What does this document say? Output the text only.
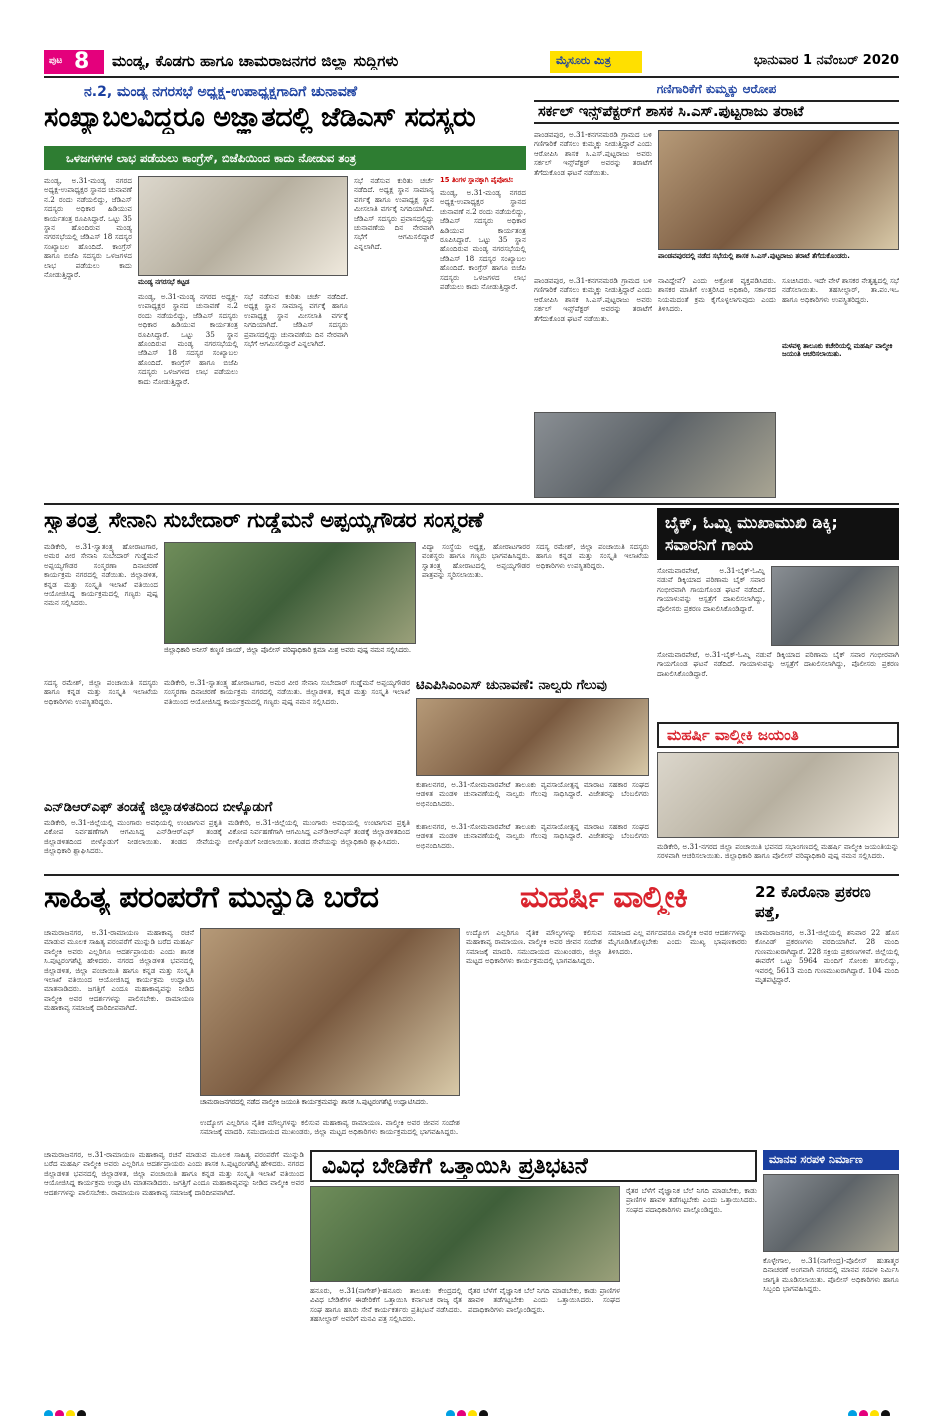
ಪುಟ 8 ಮಂಡ್ಯ, ಕೊಡಗು ಹಾಗೂ ಚಾಮರಾಜನಗರ ಜಿಲ್ಲಾ ಸುದ್ದಿಗಳು	ಮೈಸೂರು ಮಿತ್ರ	ಭಾನುವಾರ 1 ನವೆಂಬರ್ 2020
ನ.2, ಮಂಡ್ಯ ನಗರಸಭೆ ಅಧ್ಯಕ್ಷ-ಉಪಾಧ್ಯಕ್ಷಗಾದಿಗೆ ಚುನಾವಣೆ
ಸಂಖ್ಯಾಬಲವಿದ್ದರೂ ಅಜ್ಞಾತದಲ್ಲಿ ಜೆಡಿಎಸ್ ಸದಸ್ಯರು
ಒಳಜಗಳಗಳ ಲಾಭ ಪಡೆಯಲು ಕಾಂಗ್ರೆಸ್, ಬಿಜೆಪಿಯಿಂದ ಕಾದು ನೋಡುವ ತಂತ್ರ
ಮಂಡ್ಯ, ಅ.31-ಮಂಡ್ಯ ನಗರದ ಅಧ್ಯಕ್ಷ-ಉಪಾಧ್ಯಕ್ಷರ ಸ್ಥಾನದ ಚುನಾವಣೆ ನ.2 ರಂದು ನಡೆಯಲಿದ್ದು, ಜೆಡಿಎಸ್ ಸದಸ್ಯರು ಅಧಿಕಾರ ಹಿಡಿಯುವ ಕಾರ್ಯತಂತ್ರ ರೂಪಿಸಿದ್ದಾರೆ. ಒಟ್ಟು 35 ಸ್ಥಾನ ಹೊಂದಿರುವ ಮಂಡ್ಯ ನಗರಸಭೆಯಲ್ಲಿ ಜೆಡಿಎಸ್ 18 ಸದಸ್ಯರ ಸಂಖ್ಯಾಬಲ ಹೊಂದಿದೆ. ಕಾಂಗ್ರೆಸ್ ಹಾಗೂ ಬಿಜೆಪಿ ಸದಸ್ಯರು ಒಳಜಗಳದ ಲಾಭ ಪಡೆಯಲು ಕಾದು ನೋಡುತ್ತಿದ್ದಾರೆ.
ಮಂಡ್ಯ ನಗರಸಭೆ ಕಟ್ಟಡ
ಮಂಡ್ಯ, ಅ.31-ಮಂಡ್ಯ ನಗರದ ಅಧ್ಯಕ್ಷ-ಉಪಾಧ್ಯಕ್ಷರ ಸ್ಥಾನದ ಚುನಾವಣೆ ನ.2 ರಂದು ನಡೆಯಲಿದ್ದು, ಜೆಡಿಎಸ್ ಸದಸ್ಯರು ಅಧಿಕಾರ ಹಿಡಿಯುವ ಕಾರ್ಯತಂತ್ರ ರೂಪಿಸಿದ್ದಾರೆ. ಒಟ್ಟು 35 ಸ್ಥಾನ ಹೊಂದಿರುವ ಮಂಡ್ಯ ನಗರಸಭೆಯಲ್ಲಿ ಜೆಡಿಎಸ್ 18 ಸದಸ್ಯರ ಸಂಖ್ಯಾಬಲ ಹೊಂದಿದೆ. ಕಾಂಗ್ರೆಸ್ ಹಾಗೂ ಬಿಜೆಪಿ ಸದಸ್ಯರು ಒಳಜಗಳದ ಲಾಭ ಪಡೆಯಲು ಕಾದು ನೋಡುತ್ತಿದ್ದಾರೆ.
ಸಭೆ ನಡೆಸುವ ಕುರಿತು ಚರ್ಚೆ ನಡೆದಿದೆ. ಅಧ್ಯಕ್ಷ ಸ್ಥಾನ ಸಾಮಾನ್ಯ ವರ್ಗಕ್ಕೆ ಹಾಗೂ ಉಪಾಧ್ಯಕ್ಷ ಸ್ಥಾನ ಮೀಸಲಾತಿ ವರ್ಗಕ್ಕೆ ನಿಗದಿಯಾಗಿದೆ. ಜೆಡಿಎಸ್ ಸದಸ್ಯರು ಪ್ರವಾಸದಲ್ಲಿದ್ದು ಚುನಾವಣೆಯ ದಿನ ನೇರವಾಗಿ ಸಭೆಗೆ ಆಗಮಿಸಲಿದ್ದಾರೆ ಎನ್ನಲಾಗಿದೆ.
ಸಭೆ ನಡೆಸುವ ಕುರಿತು ಚರ್ಚೆ ನಡೆದಿದೆ. ಅಧ್ಯಕ್ಷ ಸ್ಥಾನ ಸಾಮಾನ್ಯ ವರ್ಗಕ್ಕೆ ಹಾಗೂ ಉಪಾಧ್ಯಕ್ಷ ಸ್ಥಾನ ಮೀಸಲಾತಿ ವರ್ಗಕ್ಕೆ ನಿಗದಿಯಾಗಿದೆ. ಜೆಡಿಎಸ್ ಸದಸ್ಯರು ಪ್ರವಾಸದಲ್ಲಿದ್ದು ಚುನಾವಣೆಯ ದಿನ ನೇರವಾಗಿ ಸಭೆಗೆ ಆಗಮಿಸಲಿದ್ದಾರೆ ಎನ್ನಲಾಗಿದೆ.
15 ತಿಂಗಳ ಸ್ಥಾನಕ್ಕಾಗಿ ಪೈಪೋಟಿ:
ಮಂಡ್ಯ, ಅ.31-ಮಂಡ್ಯ ನಗರದ ಅಧ್ಯಕ್ಷ-ಉಪಾಧ್ಯಕ್ಷರ ಸ್ಥಾನದ ಚುನಾವಣೆ ನ.2 ರಂದು ನಡೆಯಲಿದ್ದು, ಜೆಡಿಎಸ್ ಸದಸ್ಯರು ಅಧಿಕಾರ ಹಿಡಿಯುವ ಕಾರ್ಯತಂತ್ರ ರೂಪಿಸಿದ್ದಾರೆ. ಒಟ್ಟು 35 ಸ್ಥಾನ ಹೊಂದಿರುವ ಮಂಡ್ಯ ನಗರಸಭೆಯಲ್ಲಿ ಜೆಡಿಎಸ್ 18 ಸದಸ್ಯರ ಸಂಖ್ಯಾಬಲ ಹೊಂದಿದೆ. ಕಾಂಗ್ರೆಸ್ ಹಾಗೂ ಬಿಜೆಪಿ ಸದಸ್ಯರು ಒಳಜಗಳದ ಲಾಭ ಪಡೆಯಲು ಕಾದು ನೋಡುತ್ತಿದ್ದಾರೆ.
ಗಣಿಗಾರಿಕೆಗೆ ಕುಮ್ಮಕ್ಕು ಆರೋಪ
ಸರ್ಕಲ್ ಇನ್ಸ್‌ಪೆಕ್ಟರ್‌ಗೆ ಶಾಸಕ ಸಿ.ಎಸ್.ಪುಟ್ಟರಾಜು ತರಾಟೆ
ಪಾಂಡವಪುರ, ಅ.31-ಕನಗನಮರಡಿ ಗ್ರಾಮದ ಬಳಿ ಗಣಿಗಾರಿಕೆ ನಡೆಸಲು ಕುಮ್ಮಕ್ಕು ನೀಡುತ್ತಿದ್ದಾರೆ ಎಂದು ಆರೋಪಿಸಿ ಶಾಸಕ ಸಿ.ಎಸ್.ಪುಟ್ಟರಾಜು ಅವರು ಸರ್ಕಲ್ ಇನ್ಸ್‌ಪೆಕ್ಟರ್ ಅವರನ್ನು ತರಾಟೆಗೆ ತೆಗೆದುಕೊಂಡ ಘಟನೆ ನಡೆಯಿತು.
ಪಾಂಡವಪುರದಲ್ಲಿ ನಡೆದ ಸಭೆಯಲ್ಲಿ ಶಾಸಕ ಸಿ.ಎಸ್.ಪುಟ್ಟರಾಜು ತರಾಟೆ ತೆಗೆದುಕೊಂಡರು.
ಪಾಂಡವಪುರ, ಅ.31-ಕನಗನಮರಡಿ ಗ್ರಾಮದ ಬಳಿ ಗಣಿಗಾರಿಕೆ ನಡೆಸಲು ಕುಮ್ಮಕ್ಕು ನೀಡುತ್ತಿದ್ದಾರೆ ಎಂದು ಆರೋಪಿಸಿ ಶಾಸಕ ಸಿ.ಎಸ್.ಪುಟ್ಟರಾಜು ಅವರು ಸರ್ಕಲ್ ಇನ್ಸ್‌ಪೆಕ್ಟರ್ ಅವರನ್ನು ತರಾಟೆಗೆ ತೆಗೆದುಕೊಂಡ ಘಟನೆ ನಡೆಯಿತು.
ನಾವಿದ್ದೇವೆ? ಎಂದು ಅಕ್ರೋಶ ವ್ಯಕ್ತಪಡಿಸಿದರು. ಶಾಸಕರ ಮಾತಿಗೆ ಉತ್ತರಿಸಿದ ಅಧಿಕಾರಿ, ಸರ್ಕಾರದ ನಿಯಮದಂತೆ ಕ್ರಮ ಕೈಗೊಳ್ಳಲಾಗುವುದು ಎಂದು ತಿಳಿಸಿದರು.
ಸೂಚಿಸಿದರು. ಇದೇ ವೇಳೆ ಶಾಸಕರ ನೇತೃತ್ವದಲ್ಲಿ ಸಭೆ ನಡೆಸಲಾಯಿತು. ತಹಸೀಲ್ದಾರ್, ತಾ.ಪಂ.ಇಒ ಹಾಗೂ ಅಧಿಕಾರಿಗಳು ಉಪಸ್ಥಿತರಿದ್ದರು.
ಮಳವಳ್ಳಿ ತಾಲೂಕು ಕಚೇರಿಯಲ್ಲಿ ಮಹರ್ಷಿ ವಾಲ್ಮೀಕಿ ಜಯಂತಿ ಆಚರಿಸಲಾಯಿತು.
ಸ್ವಾತಂತ್ರ್ಯ ಸೇನಾನಿ ಸುಬೇದಾರ್ ಗುಡ್ಡೆಮನೆ ಅಪ್ಪಯ್ಯಗೌಡರ ಸಂಸ್ಮರಣೆ
ಮಡಿಕೇರಿ, ಅ.31-ಸ್ವಾತಂತ್ರ್ಯ ಹೋರಾಟಗಾರ, ಅಮರ ವೀರ ಸೇನಾನಿ ಸುಬೇದಾರ್ ಗುಡ್ಡೆಮನೆ ಅಪ್ಪಯ್ಯಗೌಡರ ಸಂಸ್ಮರಣಾ ದಿನಾಚರಣೆ ಕಾರ್ಯಕ್ರಮ ನಗರದಲ್ಲಿ ನಡೆಯಿತು. ಜಿಲ್ಲಾಡಳಿತ, ಕನ್ನಡ ಮತ್ತು ಸಂಸ್ಕೃತಿ ಇಲಾಖೆ ವತಿಯಿಂದ ಆಯೋಜಿಸಿದ್ದ ಕಾರ್ಯಕ್ರಮದಲ್ಲಿ ಗಣ್ಯರು ಪುಷ್ಪ ನಮನ ಸಲ್ಲಿಸಿದರು.
ಜಿಲ್ಲಾಧಿಕಾರಿ ಅನೀಸ್ ಕಣ್ಮಣಿ ಜಾಯ್, ಜಿಲ್ಲಾ ಪೊಲೀಸ್ ವರಿಷ್ಠಾಧಿಕಾರಿ ಕ್ಷಮಾ ಮಿಶ್ರ ಅವರು ಪುಷ್ಪ ನಮನ ಸಲ್ಲಿಸಿದರು.
ವಿದ್ಯಾ ಸಂಸ್ಥೆಯ ಅಧ್ಯಕ್ಷ, ಹೋರಾಟಗಾರರ ವಂಶಸ್ಥರು ಹಾಗೂ ಗಣ್ಯರು ಭಾಗವಹಿಸಿದ್ದರು. ಸ್ವಾತಂತ್ರ್ಯ ಹೋರಾಟದಲ್ಲಿ ಅಪ್ಪಯ್ಯಗೌಡರ ಪಾತ್ರವನ್ನು ಸ್ಮರಿಸಲಾಯಿತು.
ಸದಸ್ಯ ರಮೇಶ್, ಜಿಲ್ಲಾ ಪಂಚಾಯಿತಿ ಸದಸ್ಯರು ಹಾಗೂ ಕನ್ನಡ ಮತ್ತು ಸಂಸ್ಕೃತಿ ಇಲಾಖೆಯ ಅಧಿಕಾರಿಗಳು ಉಪಸ್ಥಿತರಿದ್ದರು.
ಬೈಕ್, ಓಮ್ನಿ ಮುಖಾಮುಖಿ ಡಿಕ್ಕಿ; ಸವಾರನಿಗೆ ಗಾಯ
ಸೋಮವಾರಪೇಟೆ, ಅ.31-ಬೈಕ್-ಓಮ್ನಿ ನಡುವೆ ಡಿಕ್ಕಿಯಾದ ಪರಿಣಾಮ ಬೈಕ್ ಸವಾರ ಗಂಭೀರವಾಗಿ ಗಾಯಗೊಂಡ ಘಟನೆ ನಡೆದಿದೆ. ಗಾಯಾಳುವನ್ನು ಆಸ್ಪತ್ರೆಗೆ ದಾಖಲಿಸಲಾಗಿದ್ದು, ಪೊಲೀಸರು ಪ್ರಕರಣ ದಾಖಲಿಸಿಕೊಂಡಿದ್ದಾರೆ.
ಸೋಮವಾರಪೇಟೆ, ಅ.31-ಬೈಕ್-ಓಮ್ನಿ ನಡುವೆ ಡಿಕ್ಕಿಯಾದ ಪರಿಣಾಮ ಬೈಕ್ ಸವಾರ ಗಂಭೀರವಾಗಿ ಗಾಯಗೊಂಡ ಘಟನೆ ನಡೆದಿದೆ. ಗಾಯಾಳುವನ್ನು ಆಸ್ಪತ್ರೆಗೆ ದಾಖಲಿಸಲಾಗಿದ್ದು, ಪೊಲೀಸರು ಪ್ರಕರಣ ದಾಖಲಿಸಿಕೊಂಡಿದ್ದಾರೆ.
ಟಿಎಪಿಸಿಎಂಎಸ್ ಚುನಾವಣೆ: ನಾಲ್ವರು ಗೆಲುವು
ಕುಶಾಲನಗರ, ಅ.31-ಸೋಮವಾರಪೇಟೆ ತಾಲೂಕು ವ್ಯವಸಾಯೋತ್ಪನ್ನ ಮಾರಾಟ ಸಹಕಾರ ಸಂಘದ ಆಡಳಿತ ಮಂಡಳಿ ಚುನಾವಣೆಯಲ್ಲಿ ನಾಲ್ವರು ಗೆಲುವು ಸಾಧಿಸಿದ್ದಾರೆ. ವಿಜೇತರನ್ನು ಬೆಂಬಲಿಗರು ಅಭಿನಂದಿಸಿದರು.
ಮಡಿಕೇರಿ, ಅ.31-ಸ್ವಾತಂತ್ರ್ಯ ಹೋರಾಟಗಾರ, ಅಮರ ವೀರ ಸೇನಾನಿ ಸುಬೇದಾರ್ ಗುಡ್ಡೆಮನೆ ಅಪ್ಪಯ್ಯಗೌಡರ ಸಂಸ್ಮರಣಾ ದಿನಾಚರಣೆ ಕಾರ್ಯಕ್ರಮ ನಗರದಲ್ಲಿ ನಡೆಯಿತು. ಜಿಲ್ಲಾಡಳಿತ, ಕನ್ನಡ ಮತ್ತು ಸಂಸ್ಕೃತಿ ಇಲಾಖೆ ವತಿಯಿಂದ ಆಯೋಜಿಸಿದ್ದ ಕಾರ್ಯಕ್ರಮದಲ್ಲಿ ಗಣ್ಯರು ಪುಷ್ಪ ನಮನ ಸಲ್ಲಿಸಿದರು.
ಸದಸ್ಯ ರಮೇಶ್, ಜಿಲ್ಲಾ ಪಂಚಾಯಿತಿ ಸದಸ್ಯರು ಹಾಗೂ ಕನ್ನಡ ಮತ್ತು ಸಂಸ್ಕೃತಿ ಇಲಾಖೆಯ ಅಧಿಕಾರಿಗಳು ಉಪಸ್ಥಿತರಿದ್ದರು.
ಮಹರ್ಷಿ ವಾಲ್ಮೀಕಿ ಜಯಂತಿ
ಮಡಿಕೇರಿ, ಅ.31-ನಗರದ ಜಿಲ್ಲಾ ಪಂಚಾಯಿತಿ ಭವನದ ಸಭಾಂಗಣದಲ್ಲಿ ಮಹರ್ಷಿ ವಾಲ್ಮೀಕಿ ಜಯಂತಿಯನ್ನು ಸರಳವಾಗಿ ಆಚರಿಸಲಾಯಿತು. ಜಿಲ್ಲಾಧಿಕಾರಿ ಹಾಗೂ ಪೊಲೀಸ್ ವರಿಷ್ಠಾಧಿಕಾರಿ ಪುಷ್ಪ ನಮನ ಸಲ್ಲಿಸಿದರು.
ಎನ್‌ಡಿಆರ್‌ಎಫ್ ತಂಡಕ್ಕೆ ಜಿಲ್ಲಾಡಳಿತದಿಂದ ಬೀಳ್ಕೊಡುಗೆ
ಮಡಿಕೇರಿ, ಅ.31-ಜಿಲ್ಲೆಯಲ್ಲಿ ಮುಂಗಾರು ಅವಧಿಯಲ್ಲಿ ಉಂಟಾಗುವ ಪ್ರಕೃತಿ ವಿಕೋಪ ನಿರ್ವಹಣೆಗಾಗಿ ಆಗಮಿಸಿದ್ದ ಎನ್‌ಡಿಆರ್‌ಎಫ್ ತಂಡಕ್ಕೆ ಜಿಲ್ಲಾಡಳಿತದಿಂದ ಬೀಳ್ಕೊಡುಗೆ ನೀಡಲಾಯಿತು. ತಂಡದ ಸೇವೆಯನ್ನು ಜಿಲ್ಲಾಧಿಕಾರಿ ಶ್ಲಾಘಿಸಿದರು.
ಮಡಿಕೇರಿ, ಅ.31-ಜಿಲ್ಲೆಯಲ್ಲಿ ಮುಂಗಾರು ಅವಧಿಯಲ್ಲಿ ಉಂಟಾಗುವ ಪ್ರಕೃತಿ ವಿಕೋಪ ನಿರ್ವಹಣೆಗಾಗಿ ಆಗಮಿಸಿದ್ದ ಎನ್‌ಡಿಆರ್‌ಎಫ್ ತಂಡಕ್ಕೆ ಜಿಲ್ಲಾಡಳಿತದಿಂದ ಬೀಳ್ಕೊಡುಗೆ ನೀಡಲಾಯಿತು. ತಂಡದ ಸೇವೆಯನ್ನು ಜಿಲ್ಲಾಧಿಕಾರಿ ಶ್ಲಾಘಿಸಿದರು.
ಕುಶಾಲನಗರ, ಅ.31-ಸೋಮವಾರಪೇಟೆ ತಾಲೂಕು ವ್ಯವಸಾಯೋತ್ಪನ್ನ ಮಾರಾಟ ಸಹಕಾರ ಸಂಘದ ಆಡಳಿತ ಮಂಡಳಿ ಚುನಾವಣೆಯಲ್ಲಿ ನಾಲ್ವರು ಗೆಲುವು ಸಾಧಿಸಿದ್ದಾರೆ. ವಿಜೇತರನ್ನು ಬೆಂಬಲಿಗರು ಅಭಿನಂದಿಸಿದರು.
ಸಾಹಿತ್ಯ ಪರಂಪರೆಗೆ ಮುನ್ನುಡಿ ಬರೆದ	ಮಹರ್ಷಿ ವಾಲ್ಮೀಕಿ
ಚಾಮರಾಜನಗರ, ಅ.31-ರಾಮಾಯಣ ಮಹಾಕಾವ್ಯ ರಚನೆ ಮಾಡುವ ಮೂಲಕ ಸಾಹಿತ್ಯ ಪರಂಪರೆಗೆ ಮುನ್ನುಡಿ ಬರೆದ ಮಹರ್ಷಿ ವಾಲ್ಮೀಕಿ ಅವರು ಎಲ್ಲರಿಗೂ ಆದರ್ಶಪ್ರಾಯರು ಎಂದು ಶಾಸಕ ಸಿ.ಪುಟ್ಟರಂಗಶೆಟ್ಟಿ ಹೇಳಿದರು. ನಗರದ ಜಿಲ್ಲಾಡಳಿತ ಭವನದಲ್ಲಿ ಜಿಲ್ಲಾಡಳಿತ, ಜಿಲ್ಲಾ ಪಂಚಾಯಿತಿ ಹಾಗೂ ಕನ್ನಡ ಮತ್ತು ಸಂಸ್ಕೃತಿ ಇಲಾಖೆ ವತಿಯಿಂದ ಆಯೋಜಿಸಿದ್ದ ಕಾರ್ಯಕ್ರಮ ಉದ್ಘಾಟಿಸಿ ಮಾತನಾಡಿದರು. ಜಗತ್ತಿಗೆ ಎಂದೂ ಮಹಾಕಾವ್ಯವನ್ನು ನೀಡಿದ ವಾಲ್ಮೀಕಿ ಅವರ ಆದರ್ಶಗಳನ್ನು ಪಾಲಿಸಬೇಕು. ರಾಮಾಯಣ ಮಹಾಕಾವ್ಯ ಸಮಾಜಕ್ಕೆ ದಾರಿದೀಪವಾಗಿದೆ.
ಚಾಮರಾಜನಗರದಲ್ಲಿ ನಡೆದ ವಾಲ್ಮೀಕಿ ಜಯಂತಿ ಕಾರ್ಯಕ್ರಮವನ್ನು ಶಾಸಕ ಸಿ.ಪುಟ್ಟರಂಗಶೆಟ್ಟಿ ಉದ್ಘಾಟಿಸಿದರು.
ಉದ್ಯೋಗ ಎಲ್ಲರಿಗೂ ನೈತಿಕ ಮೌಲ್ಯಗಳನ್ನು ಕಲಿಸುವ ಮಹಾಕಾವ್ಯ ರಾಮಾಯಣ. ವಾಲ್ಮೀಕಿ ಅವರ ಜೀವನ ಸಂದೇಶ ಸಮಾಜಕ್ಕೆ ಮಾದರಿ. ಸಮುದಾಯದ ಮುಖಂಡರು, ಜಿಲ್ಲಾ ಮಟ್ಟದ ಅಧಿಕಾರಿಗಳು ಕಾರ್ಯಕ್ರಮದಲ್ಲಿ ಭಾಗವಹಿಸಿದ್ದರು.
ಉದ್ಯೋಗ ಎಲ್ಲರಿಗೂ ನೈತಿಕ ಮೌಲ್ಯಗಳನ್ನು ಕಲಿಸುವ ಮಹಾಕಾವ್ಯ ರಾಮಾಯಣ. ವಾಲ್ಮೀಕಿ ಅವರ ಜೀವನ ಸಂದೇಶ ಸಮಾಜಕ್ಕೆ ಮಾದರಿ. ಸಮುದಾಯದ ಮುಖಂಡರು, ಜಿಲ್ಲಾ ಮಟ್ಟದ ಅಧಿಕಾರಿಗಳು ಕಾರ್ಯಕ್ರಮದಲ್ಲಿ ಭಾಗವಹಿಸಿದ್ದರು.
ಸಮಾಜದ ಎಲ್ಲ ವರ್ಗದವರೂ ವಾಲ್ಮೀಕಿ ಅವರ ಆದರ್ಶಗಳನ್ನು ಮೈಗೂಡಿಸಿಕೊಳ್ಳಬೇಕು ಎಂದು ಮುಖ್ಯ ಭಾಷಣಕಾರರು ತಿಳಿಸಿದರು.
22 ಕೊರೊನಾ ಪ್ರಕರಣ ಪತ್ತೆ,
ಚಾಮರಾಜನಗರ, ಅ.31-ಜಿಲ್ಲೆಯಲ್ಲಿ ಶನಿವಾರ 22 ಹೊಸ ಕೋವಿಡ್ ಪ್ರಕರಣಗಳು ವರದಿಯಾಗಿವೆ. 28 ಮಂದಿ ಗುಣಮುಖರಾಗಿದ್ದಾರೆ. 228 ಸಕ್ರಿಯ ಪ್ರಕರಣಗಳಿವೆ. ಜಿಲ್ಲೆಯಲ್ಲಿ ಈವರೆಗೆ ಒಟ್ಟು 5964 ಮಂದಿಗೆ ಸೋಂಕು ತಗುಲಿದ್ದು, ಇವರಲ್ಲಿ 5613 ಮಂದಿ ಗುಣಮುಖರಾಗಿದ್ದಾರೆ. 104 ಮಂದಿ ಮೃತಪಟ್ಟಿದ್ದಾರೆ.
ಚಾಮರಾಜನಗರ, ಅ.31-ರಾಮಾಯಣ ಮಹಾಕಾವ್ಯ ರಚನೆ ಮಾಡುವ ಮೂಲಕ ಸಾಹಿತ್ಯ ಪರಂಪರೆಗೆ ಮುನ್ನುಡಿ ಬರೆದ ಮಹರ್ಷಿ ವಾಲ್ಮೀಕಿ ಅವರು ಎಲ್ಲರಿಗೂ ಆದರ್ಶಪ್ರಾಯರು ಎಂದು ಶಾಸಕ ಸಿ.ಪುಟ್ಟರಂಗಶೆಟ್ಟಿ ಹೇಳಿದರು. ನಗರದ ಜಿಲ್ಲಾಡಳಿತ ಭವನದಲ್ಲಿ ಜಿಲ್ಲಾಡಳಿತ, ಜಿಲ್ಲಾ ಪಂಚಾಯಿತಿ ಹಾಗೂ ಕನ್ನಡ ಮತ್ತು ಸಂಸ್ಕೃತಿ ಇಲಾಖೆ ವತಿಯಿಂದ ಆಯೋಜಿಸಿದ್ದ ಕಾರ್ಯಕ್ರಮ ಉದ್ಘಾಟಿಸಿ ಮಾತನಾಡಿದರು. ಜಗತ್ತಿಗೆ ಎಂದೂ ಮಹಾಕಾವ್ಯವನ್ನು ನೀಡಿದ ವಾಲ್ಮೀಕಿ ಅವರ ಆದರ್ಶಗಳನ್ನು ಪಾಲಿಸಬೇಕು. ರಾಮಾಯಣ ಮಹಾಕಾವ್ಯ ಸಮಾಜಕ್ಕೆ ದಾರಿದೀಪವಾಗಿದೆ.
ವಿವಿಧ ಬೇಡಿಕೆಗೆ ಒತ್ತಾಯಿಸಿ ಪ್ರತಿಭಟನೆ
ರೈತರ ಬೆಳೆಗೆ ವೈಜ್ಞಾನಿಕ ಬೆಲೆ ನಿಗದಿ ಮಾಡಬೇಕು, ಕಾಡು ಪ್ರಾಣಿಗಳ ಹಾವಳಿ ತಡೆಗಟ್ಟಬೇಕು ಎಂದು ಒತ್ತಾಯಿಸಿದರು. ಸಂಘದ ಪದಾಧಿಕಾರಿಗಳು ಪಾಲ್ಗೊಂಡಿದ್ದರು.
ಹನೂರು, ಅ.31(ನಾಗೇಶ್)-ಹನೂರು ತಾಲೂಕು ಕೇಂದ್ರದಲ್ಲಿ ವಿವಿಧ ಬೇಡಿಕೆಗಳ ಈಡೇರಿಕೆಗೆ ಒತ್ತಾಯಿಸಿ ಕರ್ನಾಟಕ ರಾಜ್ಯ ರೈತ ಸಂಘ ಹಾಗೂ ಹಸಿರು ಸೇನೆ ಕಾರ್ಯಕರ್ತರು ಪ್ರತಿಭಟನೆ ನಡೆಸಿದರು. ತಹಸೀಲ್ದಾರ್ ಅವರಿಗೆ ಮನವಿ ಪತ್ರ ಸಲ್ಲಿಸಿದರು.
ರೈತರ ಬೆಳೆಗೆ ವೈಜ್ಞಾನಿಕ ಬೆಲೆ ನಿಗದಿ ಮಾಡಬೇಕು, ಕಾಡು ಪ್ರಾಣಿಗಳ ಹಾವಳಿ ತಡೆಗಟ್ಟಬೇಕು ಎಂದು ಒತ್ತಾಯಿಸಿದರು. ಸಂಘದ ಪದಾಧಿಕಾರಿಗಳು ಪಾಲ್ಗೊಂಡಿದ್ದರು.
ಮಾನವ ಸರಪಳಿ ನಿರ್ಮಾಣ
ಕೊಳ್ಳೇಗಾಲ, ಅ.31(ನಾಗೇಂದ್ರ)-ಪೊಲೀಸ್ ಹುತಾತ್ಮರ ದಿನಾಚರಣೆ ಅಂಗವಾಗಿ ನಗರದಲ್ಲಿ ಮಾನವ ಸರಪಳಿ ನಿರ್ಮಿಸಿ ಜಾಗೃತಿ ಮೂಡಿಸಲಾಯಿತು. ಪೊಲೀಸ್ ಅಧಿಕಾರಿಗಳು ಹಾಗೂ ಸಿಬ್ಬಂದಿ ಭಾಗವಹಿಸಿದ್ದರು.
